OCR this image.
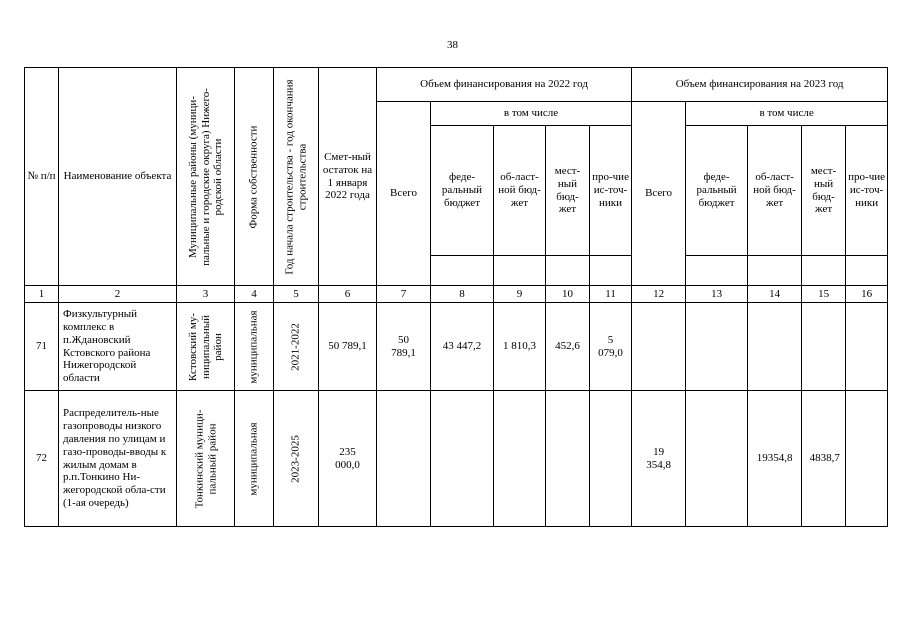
38
№ п/п	Наименование объекта	Муниципальные районы (муници-пальные и городские округа) Нижего-родской области	Форма собственности	Год начала строительства - год окончания строительства	Смет-ный остаток на 1 января 2022 года	Объем финансирования на 2022 год					Объем финансирования на 2023 год				
						Всего	в том числе				Всего	в том числе			
							феде-ральный бюджет	об-ласт-ной бюд-жет	мест-ный бюд-жет	про-чие ис-точ-ники		феде-ральный бюджет	об-ласт-ной бюд-жет	мест-ный бюд-жет	про-чие ис-точ-ники

1	2	3	4	5	6	7	8	9	10	11	12	13	14	15	16
71	Физкультурный комплекс в п.Ждановский Кстовского района Нижегородской области	Кстовский му-ниципальный район	муниципальная	2021-2022	50 789,1	50 789,1	43 447,2	1 810,3	452,6	5 079,0					

72	Распределитель-ные газопроводы низкого давления по улицам и газо-проводы-вводы к жилым домам в р.п.Тонкино Ни-жегородской обла-сти (1-ая очередь)	Тонкинский муници-пальный район	муниципальная	2023-2025	235 000,0						19 354,8		19354,8	4838,7	
